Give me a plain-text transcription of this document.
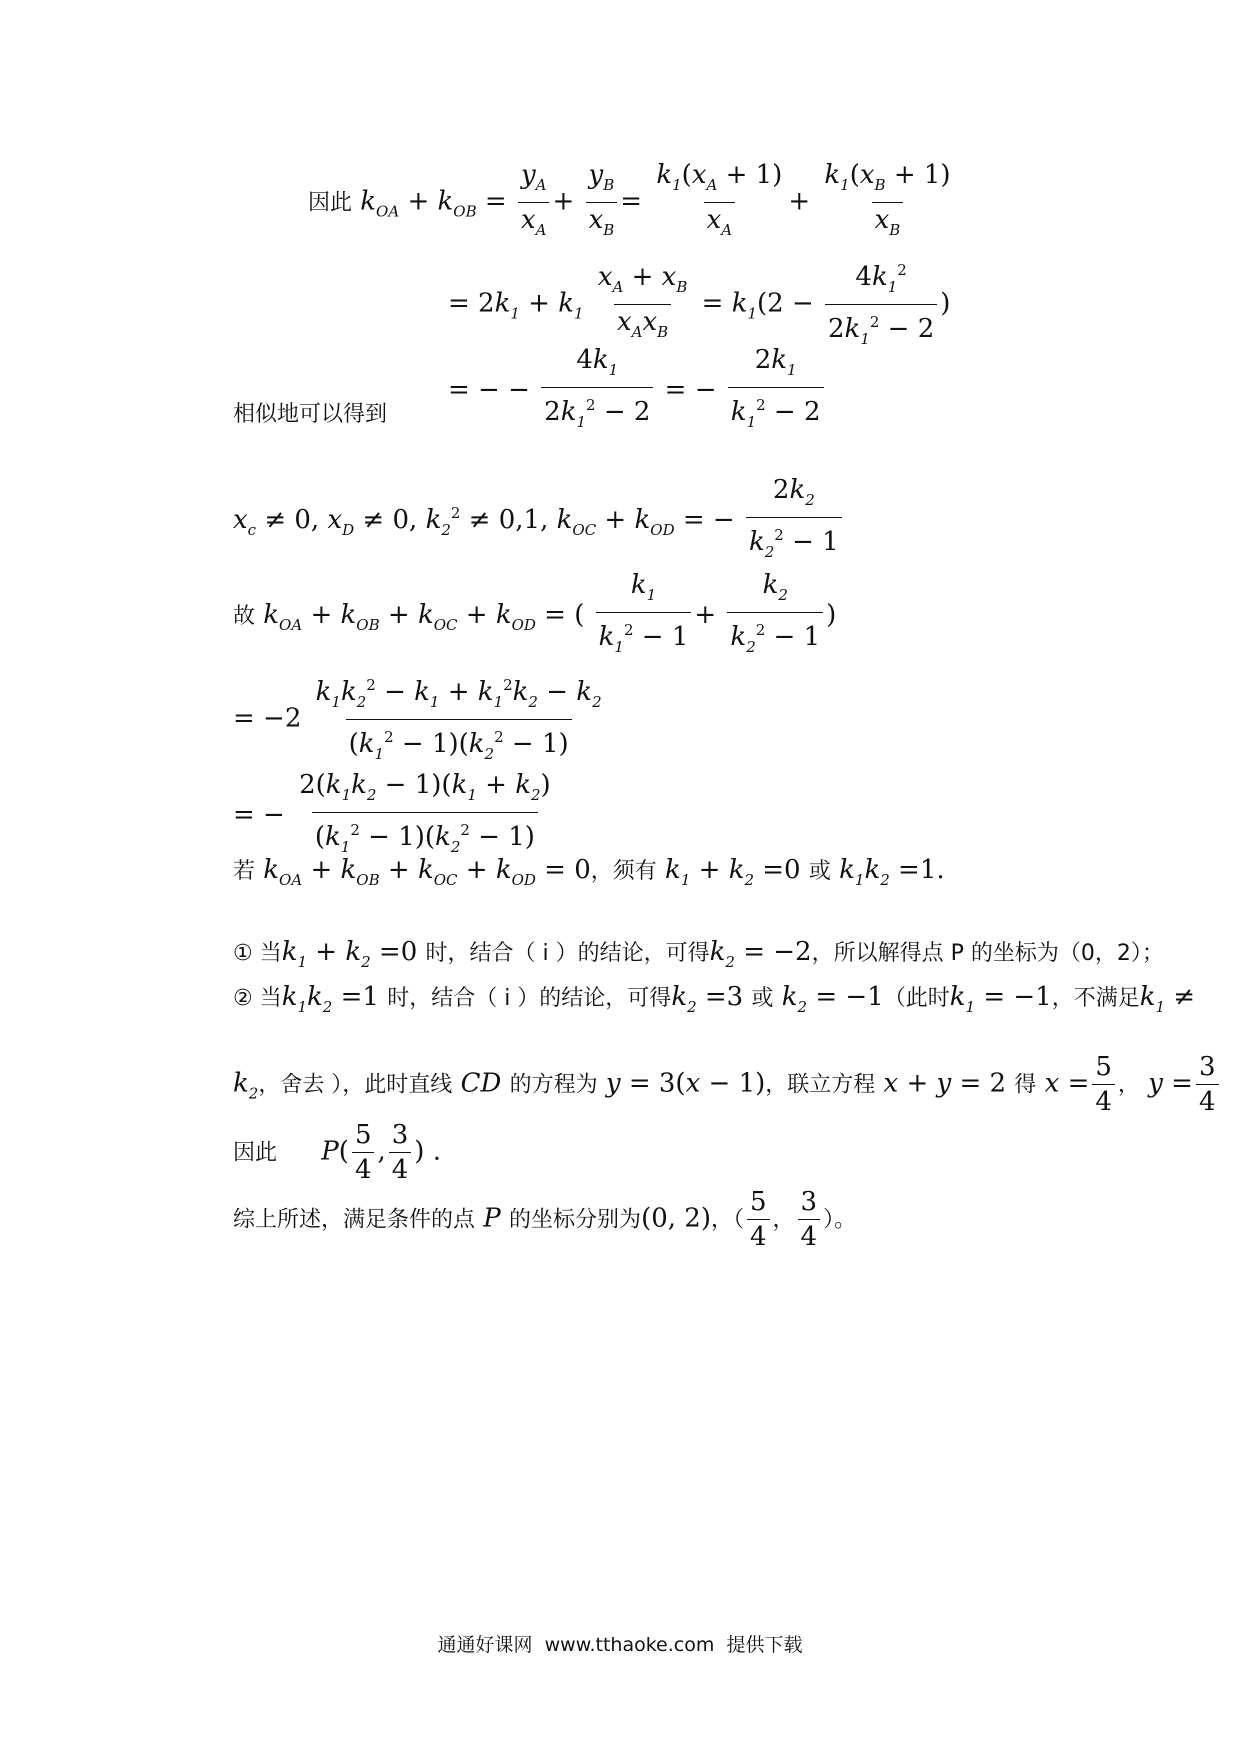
因此 $k_{OA} + k_{OB} = \frac{y_A}{x_A} + \frac{y_B}{x_B} = \frac{k_1(x_A + 1)}{x_A} + \frac{k_1(x_B + 1)}{x_B}$
= $2k_1 + k_1 \frac{x_A + x_B}{x_Ax_B} = k_1(2 - \frac{4k_1^2}{2k_1^2 - 2}$ )
= − − $\frac{4k_1}{2k_1^2 - 2}$ = − $\frac{2k_1}{k_1^2 - 2}$
相似地可以得到
$x_c \ne 0$, $x_D \ne 0$, $k_2^2 \ne 0,1$, $k_{OC} + k_{OD}$ = − $\frac{2k_2}{k_2^2 - 1}$
故 $k_{OA} + k_{OB} + k_{OC} + k_{OD}$ = ( $\frac{k_1}{k_1^2 - 1} + \frac{k_2}{k_2^2 - 1}$ )
= $-2 \frac{k_1k_2^2 - k_1 + k_1^2k_2 - k_2}{(k_1^2 - 1)(k_2^2 - 1)}$
= − $\frac{2(k_1k_2 - 1)(k_1 + k_2)}{(k_1^2 - 1)(k_2^2 - 1)}$
若 $k_{OA} + k_{OB} + k_{OC} + k_{OD} = 0$，须有 $k_1 + k_2 =0$ 或 $k_1k_2 =1$.
① 当$k_1 + k_2 =0$ 时，结合（ i ）的结论，可得$k_2 = -2$，所以解得点 P 的坐标为（0，2）；
② 当$k_1k_2 =1$ 时，结合（ i ）的结论，可得$k_2 =3$ 或 $k_2 = -1$（此时$k_1 = -1$，不满足$k_1$ ≠
$k_2$，舍去 ），此时直线 CD 的方程为 y = 3(x − 1)，联立方程 x + y = 2 得 $x = \frac{5}{4}$ ， $y = \frac{3}{4}$
因此 $P( \frac{5}{4}$ , $\frac{3}{4}$ ) .
综上所述，满足条件的点 P 的坐标分别为(0, 2)，（ $\frac{5}{4}$ ， $\frac{3}{4}$ ）。
通通好课网 www.tthaoke.com 提供下载
